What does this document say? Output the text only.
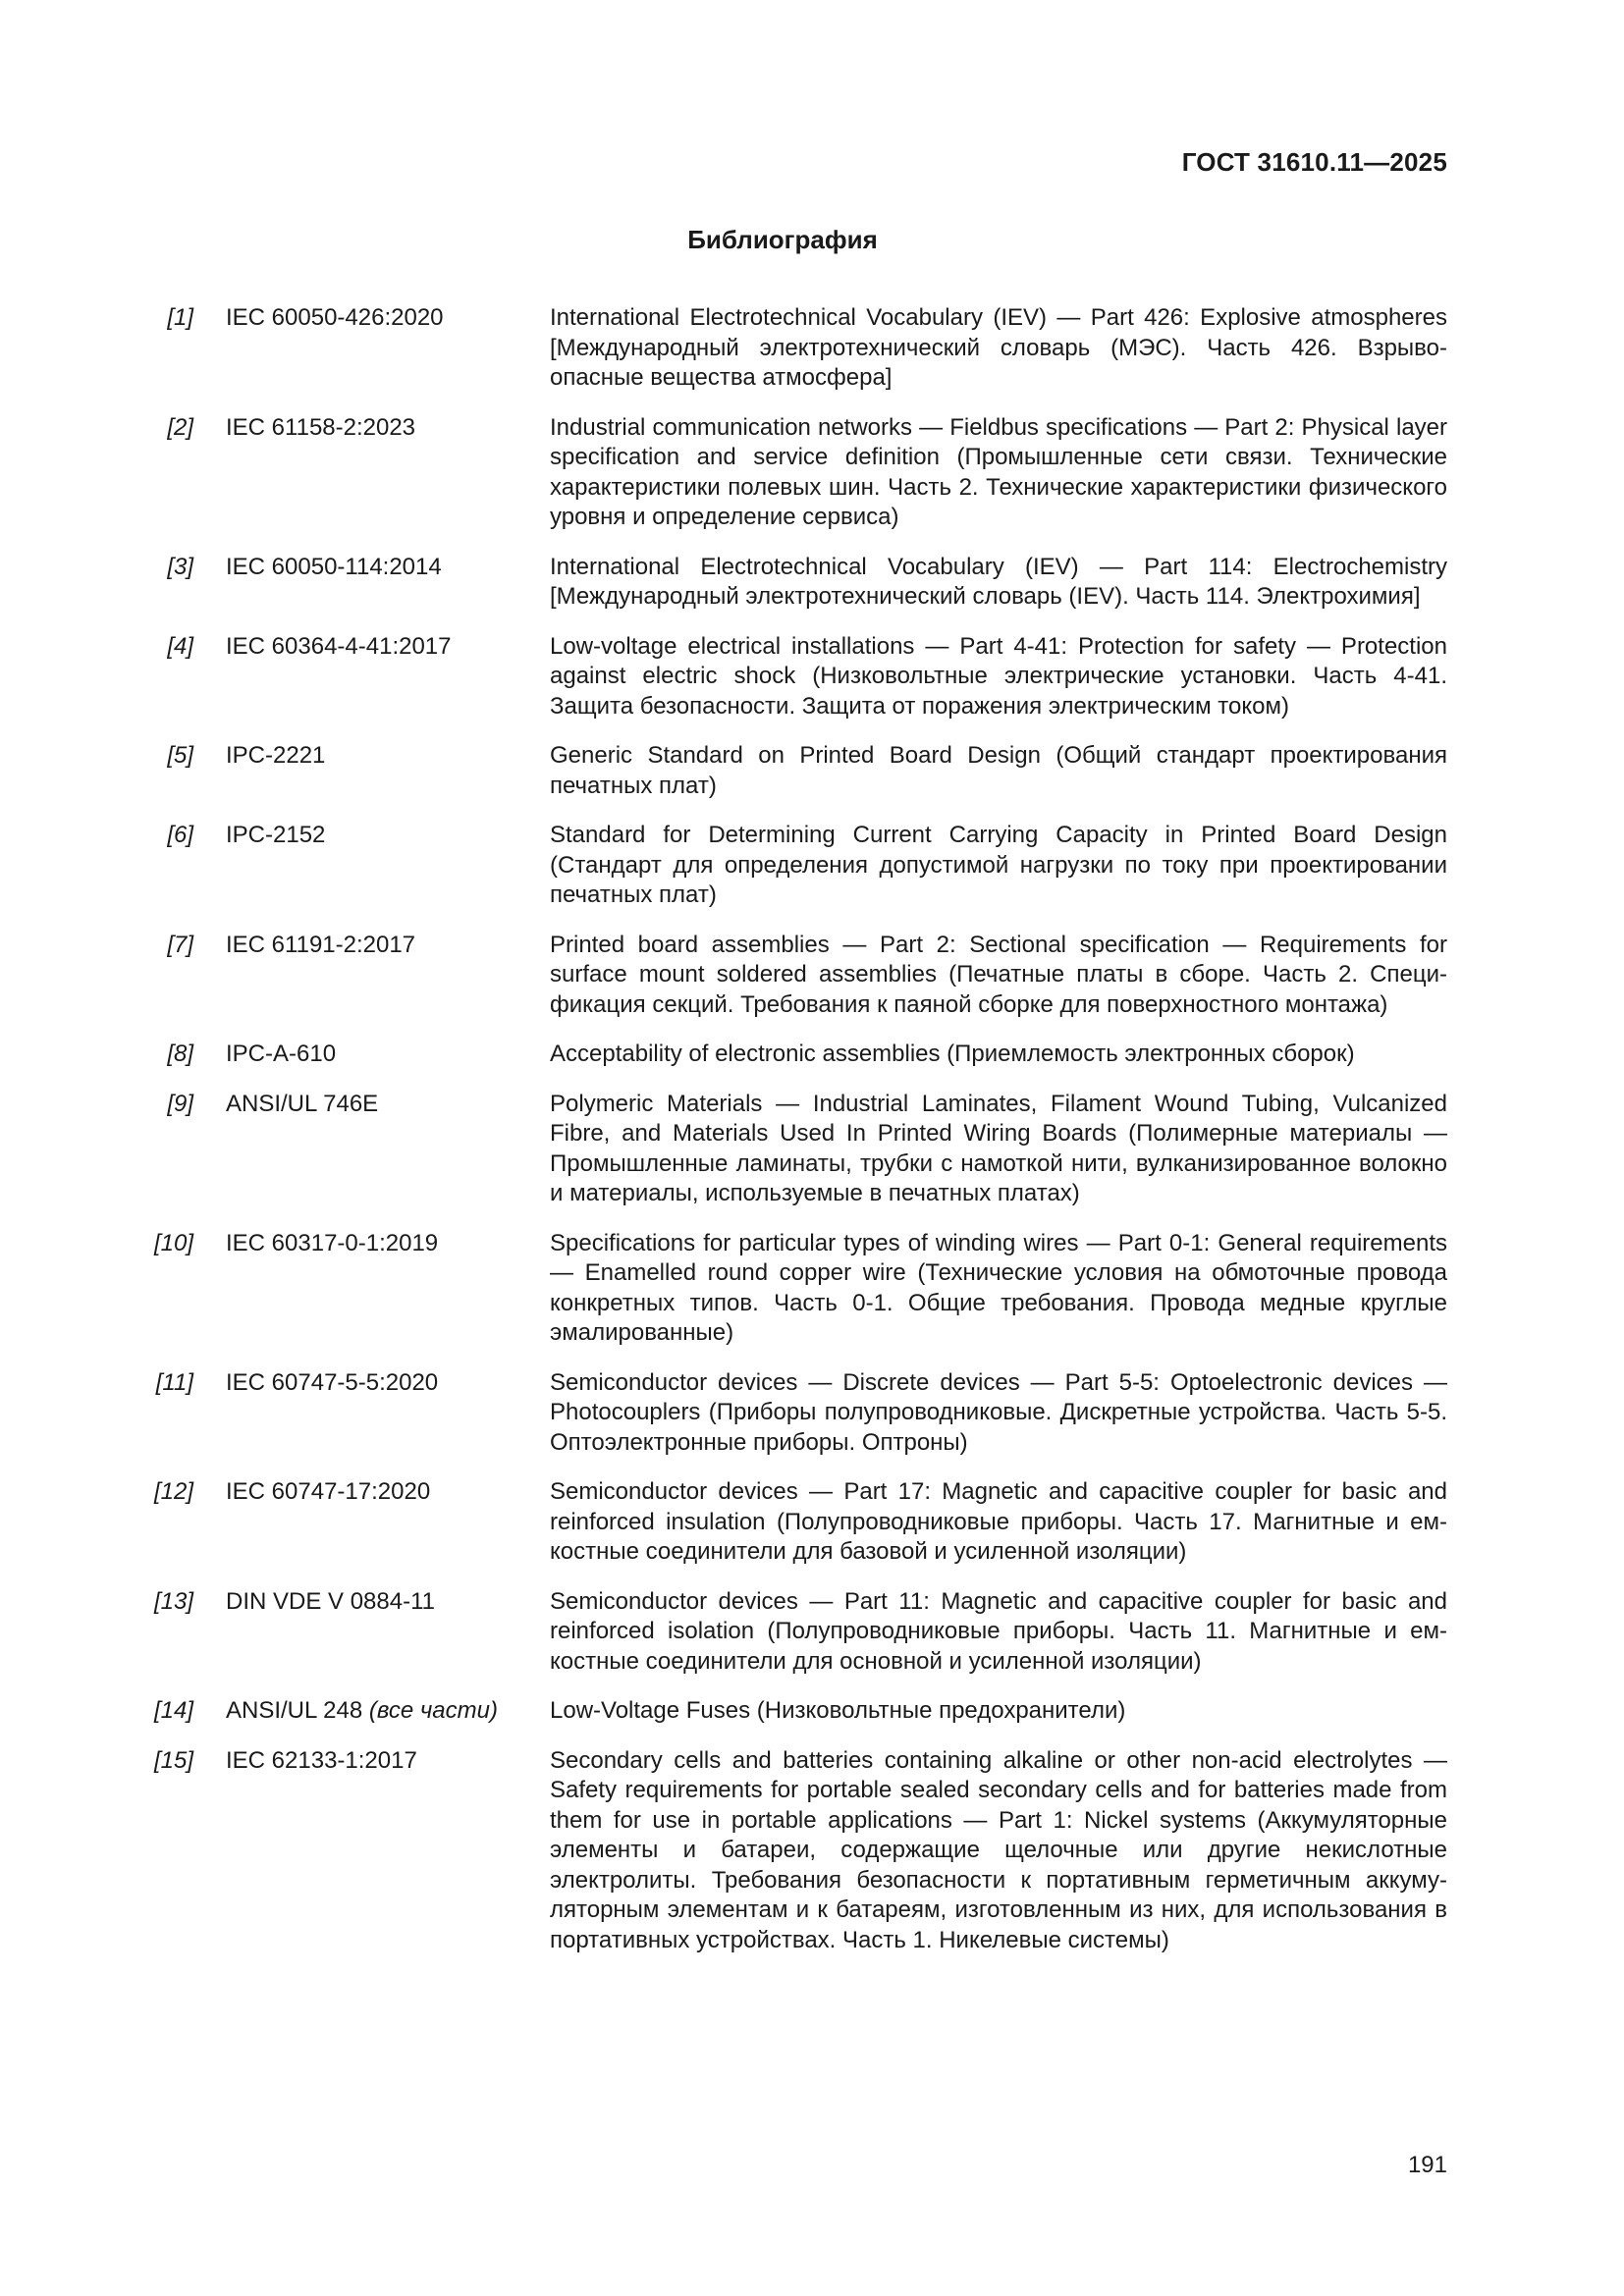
ГОСТ 31610.11—2025
Библиография
[1] IEC 60050-426:2020	International Electrotechnical Vocabulary (IEV) — Part 426: Explosive atmospheres [Международный электротехнический словарь (МЭС). Часть 426. Взрывоопасные вещества атмосфера]
[2] IEC 61158-2:2023	Industrial communication networks — Fieldbus specifications — Part 2: Physical layer specification and service definition (Промышленные сети связи. Технические характеристики полевых шин. Часть 2. Технические характеристики физического уровня и определение сервиса)
[3] IEC 60050-114:2014	International Electrotechnical Vocabulary (IEV) — Part 114: Electrochemistry [Международный электротехнический словарь (IEV). Часть 114. Электрохимия]
[4] IEC 60364-4-41:2017	Low-voltage electrical installations — Part 4-41: Protection for safety — Protection against electric shock (Низковольтные электрические установки. Часть 4-41. Защита безопасности. Защита от поражения электрическим током)
[5] IPC-2221	Generic Standard on Printed Board Design (Общий стандарт проектирования печатных плат)
[6] IPC-2152	Standard for Determining Current Carrying Capacity in Printed Board Design (Стандарт для определения допустимой нагрузки по току при проектировании печатных плат)
[7] IEC 61191-2:2017	Printed board assemblies — Part 2: Sectional specification — Requirements for surface mount soldered assemblies (Печатные платы в сборе. Часть 2. Спецификация секций. Требования к паяной сборке для поверхностного монтажа)
[8] IPC-A-610	Acceptability of electronic assemblies (Приемлемость электронных сборок)
[9] ANSI/UL 746E	Polymeric Materials — Industrial Laminates, Filament Wound Tubing, Vulcanized Fibre, and Materials Used In Printed Wiring Boards (Полимерные материалы — Промышленные ламинаты, трубки с намоткой нити, вулканизированное волокно и материалы, используемые в печатных платах)
[10] IEC 60317-0-1:2019	Specifications for particular types of winding wires — Part 0-1: General requirements — Enamelled round copper wire (Технические условия на обмоточные провода конкретных типов. Часть 0-1. Общие требования. Провода медные круглые эмалированные)
[11] IEC 60747-5-5:2020	Semiconductor devices — Discrete devices — Part 5-5: Optoelectronic devices — Photocouplers (Приборы полупроводниковые. Дискретные устройства. Часть 5-5. Оптоэлектронные приборы. Оптроны)
[12] IEC 60747-17:2020	Semiconductor devices — Part 17: Magnetic and capacitive coupler for basic and reinforced insulation (Полупроводниковые приборы. Часть 17. Магнитные и емкостные соединители для базовой и усиленной изоляции)
[13] DIN VDE V 0884-11	Semiconductor devices — Part 11: Magnetic and capacitive coupler for basic and reinforced isolation (Полупроводниковые приборы. Часть 11. Магнитные и емкостные соединители для основной и усиленной изоляции)
[14] ANSI/UL 248 (все части)	Low-Voltage Fuses (Низковольтные предохранители)
[15] IEC 62133-1:2017	Secondary cells and batteries containing alkaline or other non-acid electrolytes — Safety requirements for portable sealed secondary cells and for batteries made from them for use in portable applications — Part 1: Nickel systems (Аккумуляторные элементы и батареи, содержащие щелочные или другие некислотные электролиты. Требования безопасности к портативным герметичным аккумуляторным элементам и к батареям, изготовленным из них, для использования в портативных устройствах. Часть 1. Никелевые системы)
191
